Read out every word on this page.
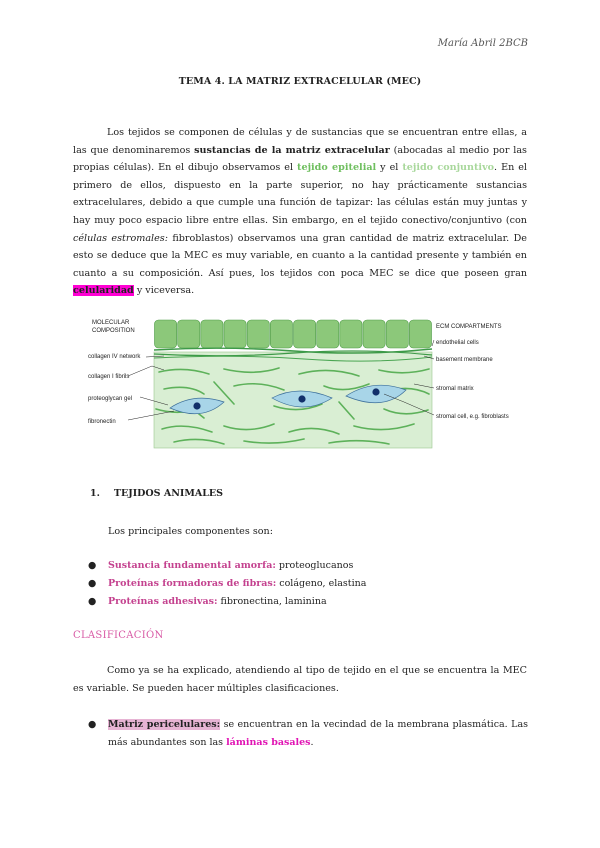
María Abril 2BCB
TEMA 4. LA MATRIZ EXTRACELULAR (MEC)

Los tejidos se componen de células y de sustancias que se encuentran entre ellas, a las que denominaremos sustancias de la matriz extracelular (abocadas al medio por las propias células). En el dibujo observamos el tejido epitelial y el tejido conjuntivo. En el primero de ellos, dispuesto en la parte superior, no hay prácticamente sustancias extracelulares, debido a que cumple una función de tapizar: las células están muy juntas y hay muy poco espacio libre entre ellas. Sin embargo, en el tejido conectivo/conjuntivo (con células estromales: fibroblastos) observamos una gran cantidad de matriz extracelular. De esto se deduce que la MEC es muy variable, en cuanto a la cantidad presente y también en cuanto a su composición. Así pues, los tejidos con poca MEC se dice que poseen gran celularidad y viceversa.

MOLECULAR
COMPOSITION
collagen IV network
collagen I fibrils
proteoglycan gel
fibronectin
ECM COMPARTMENTS
endothelial cells
basement membrane
stromal matrix
stromal cell, e.g. fibroblasts
1. TEJIDOS ANIMALES
Los principales componentes son:
● Sustancia fundamental amorfa: proteoglucanos
● Proteínas formadoras de fibras: colágeno, elastina
● Proteínas adhesivas: fibronectina, laminina
CLASIFICACIÓN

Como ya se ha explicado, atendiendo al tipo de tejido en el que se encuentra la MEC es variable. Se pueden hacer múltiples clasificaciones.

● Matriz pericelulares: se encuentran en la vecindad de la membrana plasmática. Las más abundantes son las láminas basales.
